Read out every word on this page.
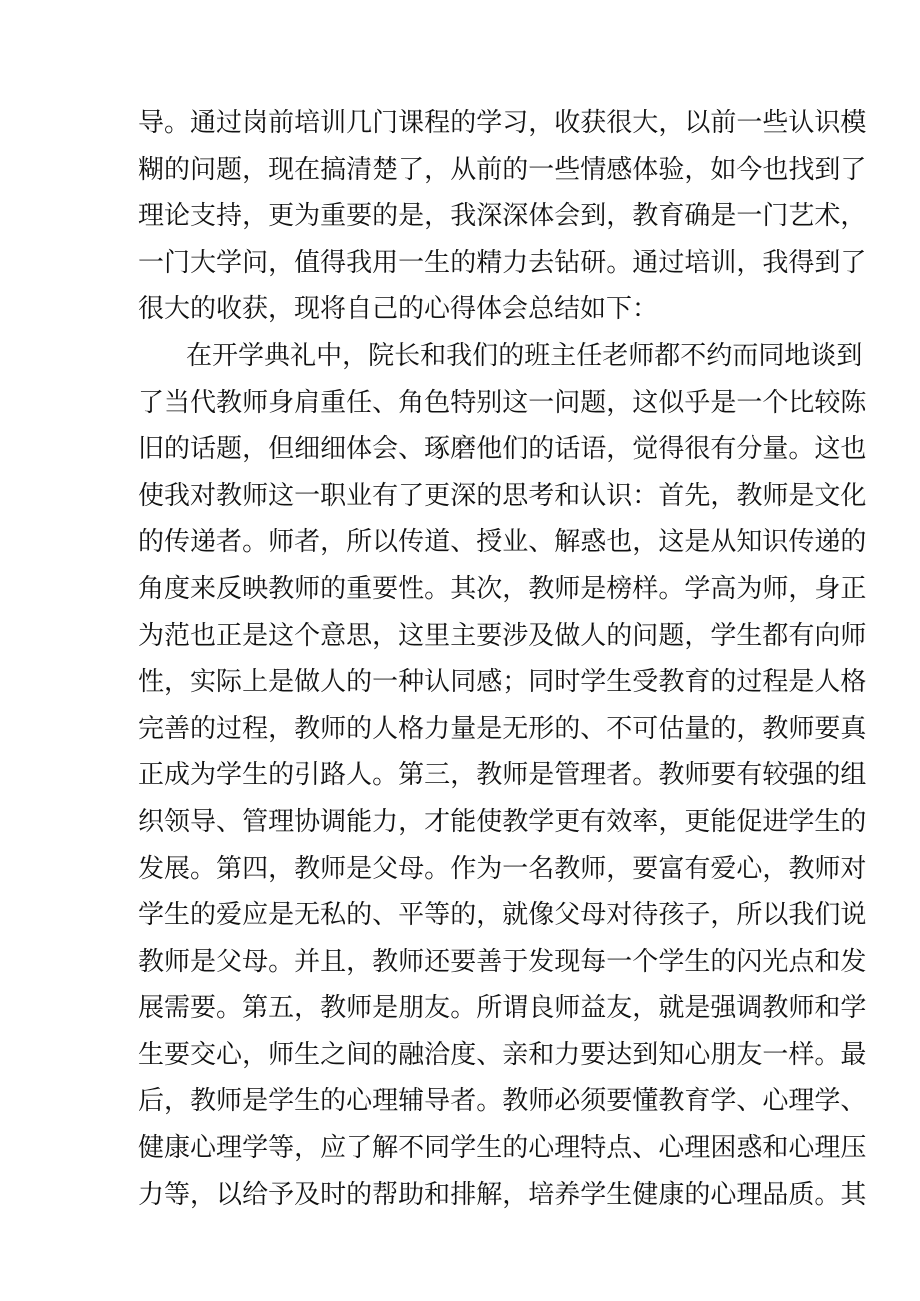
导 。 通 过 岗 前 培 训 几 门 课 程 的 学 习 ， 收 获 很 大 ， 以 前 一 些 认 识 模
糊 的 问 题 ， 现 在 搞 清 楚 了 ， 从 前 的 一 些 情 感 体 验 ， 如 今 也 找 到 了
理 论 支 持 ， 更 为 重 要 的 是 ， 我 深 深 体 会 到 ， 教 育 确 是 一 门 艺 术 ，
一 门 大 学 问 ， 值 得 我 用 一 生 的 精 力 去 钻 研 。 通 过 培 训 ， 我 得 到 了
很大的收获，现将自己的心得体会总结如下：
在 开 学 典 礼 中 ， 院 长 和 我 们 的 班 主 任 老 师 都 不 约 而 同 地 谈 到
了 当 代 教 师 身 肩 重 任 、 角 色 特 别 这 一 问 题 ， 这 似 乎 是 一 个 比 较 陈
旧 的 话 题 ， 但 细 细 体 会 、 琢 磨 他 们 的 话 语 ， 觉 得 很 有 分 量 。 这 也
使 我 对 教 师 这 一 职 业 有 了 更 深 的 思 考 和 认 识 ： 首 先 ， 教 师 是 文 化
的 传 递 者 。 师 者 ， 所 以 传 道 、 授 业 、 解 惑 也 ， 这 是 从 知 识 传 递 的
角 度 来 反 映 教 师 的 重 要 性 。 其 次 ， 教 师 是 榜 样 。 学 高 为 师 ， 身 正
为 范 也 正 是 这 个 意 思 ， 这 里 主 要 涉 及 做 人 的 问 题 ， 学 生 都 有 向 师
性 ， 实 际 上 是 做 人 的 一 种 认 同 感 ； 同 时 学 生 受 教 育 的 过 程 是 人 格
完 善 的 过 程 ， 教 师 的 人 格 力 量 是 无 形 的 、 不 可 估 量 的 ， 教 师 要 真
正 成 为 学 生 的 引 路 人 。 第 三 ， 教 师 是 管 理 者 。 教 师 要 有 较 强 的 组
织 领 导 、 管 理 协 调 能 力 ， 才 能 使 教 学 更 有 效 率 ， 更 能 促 进 学 生 的
发 展 。 第 四 ， 教 师 是 父 母 。 作 为 一 名 教 师 ， 要 富 有 爱 心 ， 教 师 对
学 生 的 爱 应 是 无 私 的 、 平 等 的 ， 就 像 父 母 对 待 孩 子 ， 所 以 我 们 说
教 师 是 父 母 。 并 且 ， 教 师 还 要 善 于 发 现 每 一 个 学 生 的 闪 光 点 和 发
展 需 要 。 第 五 ， 教 师 是 朋 友 。 所 谓 良 师 益 友 ， 就 是 强 调 教 师 和 学
生 要 交 心 ， 师 生 之 间 的 融 洽 度 、 亲 和 力 要 达 到 知 心 朋 友 一 样 。 最
后 ， 教 师 是 学 生 的 心 理 辅 导 者 。 教 师 必 须 要 懂 教 育 学 、 心 理 学 、
健 康 心 理 学 等 ， 应 了 解 不 同 学 生 的 心 理 特 点 、 心 理 困 惑 和 心 理 压
力 等 ， 以 给 予 及 时 的 帮 助 和 排 解 ， 培 养 学 生 健 康 的 心 理 品 质 。 其
